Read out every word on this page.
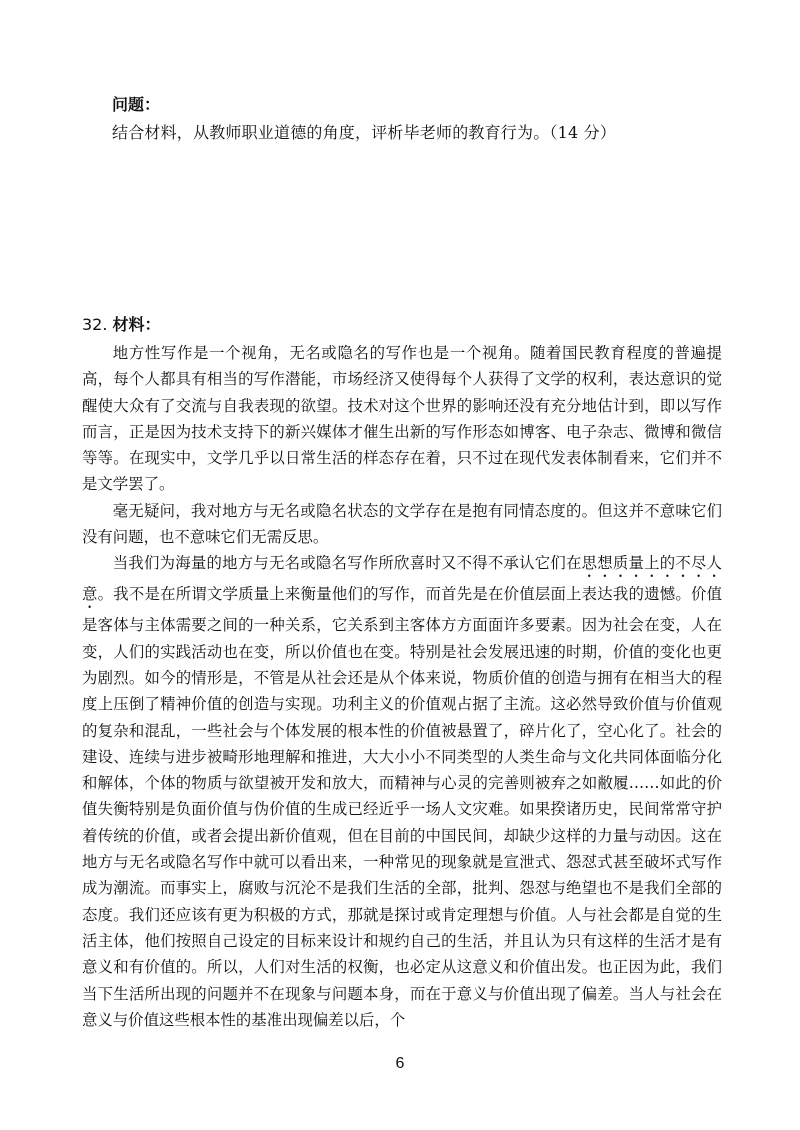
问题：
结合材料，从教师职业道德的角度，评析毕老师的教育行为。（14 分）
32. 材料：

地方性写作是一个视角，无名或隐名的写作也是一个视角。随着国民教育程度的普遍提高，每个人都具有相当的写作潜能，市场经济又使得每个人获得了文学的权利，表达意识的觉醒使大众有了交流与自我表现的欲望。技术对这个世界的影响还没有充分地估计到，即以写作而言，正是因为技术支持下的新兴媒体才催生出新的写作形态如博客、电子杂志、微博和微信等等。在现实中，文学几乎以日常生活的样态存在着，只不过在现代发表体制看来，它们并不是文学罢了。

毫无疑问，我对地方与无名或隐名状态的文学存在是抱有同情态度的。但这并不意味它们没有问题，也不意味它们无需反思。

当我们为海量的地方与无名或隐名写作所欣喜时又不得不承认它们在思想质量上的不尽人意。我不是在所谓文学质量上来衡量他们的写作，而首先是在价值层面上表达我的遗憾。价值是客体与主体需要之间的一种关系，它关系到主客体方方面面许多要素。因为社会在变，人在变，人们的实践活动也在变，所以价值也在变。特别是社会发展迅速的时期，价值的变化也更为剧烈。如今的情形是，不管是从社会还是从个体来说，物质价值的创造与拥有在相当大的程度上压倒了精神价值的创造与实现。功利主义的价值观占据了主流。这必然导致价值与价值观的复杂和混乱，一些社会与个体发展的根本性的价值被悬置了，碎片化了，空心化了。社会的建设、连续与进步被畸形地理解和推进，大大小小不同类型的人类生命与文化共同体面临分化和解体，个体的物质与欲望被开发和放大，而精神与心灵的完善则被弃之如敝履……如此的价值失衡特别是负面价值与伪价值的生成已经近乎一场人文灾难。如果揆诸历史，民间常常守护着传统的价值，或者会提出新价值观，但在目前的中国民间，却缺少这样的力量与动因。这在地方与无名或隐名写作中就可以看出来，一种常见的现象就是宣泄式、怨怼式甚至破坏式写作成为潮流。而事实上，腐败与沉沦不是我们生活的全部，批判、怨怼与绝望也不是我们全部的态度。我们还应该有更为积极的方式，那就是探讨或肯定理想与价值。人与社会都是自觉的生活主体，他们按照自己设定的目标来设计和规约自己的生活，并且认为只有这样的生活才是有意义和有价值的。所以，人们对生活的权衡，也必定从这意义和价值出发。也正因为此，我们当下生活所出现的问题并不在现象与问题本身，而在于意义与价值出现了偏差。当人与社会在意义与价值这些根本性的基准出现偏差以后，个

6
